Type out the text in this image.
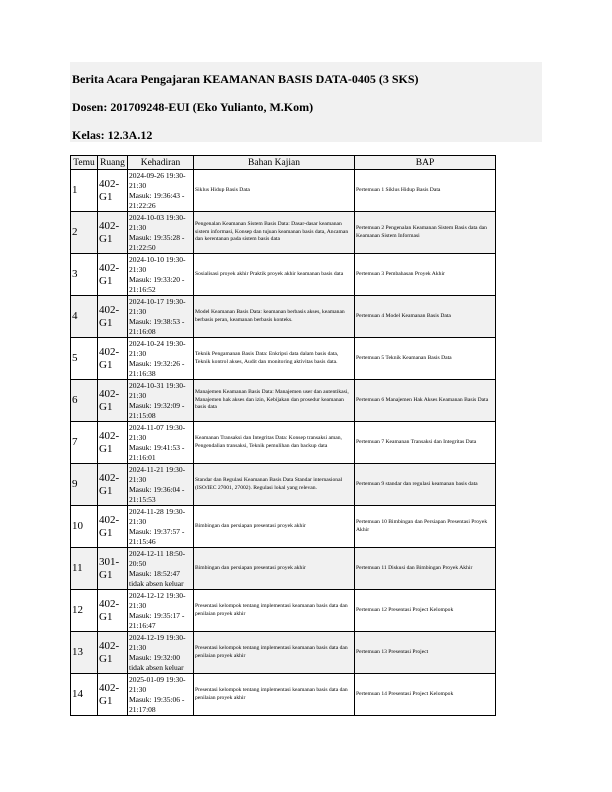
Berita Acara Pengajaran KEAMANAN BASIS DATA-0405 (3 SKS)
Dosen: 201709248-EUI (Eko Yulianto, M.Kom)
Kelas: 12.3A.12
Temu	Ruang	Kehadiran	Bahan Kajian	BAP
1	402-G1	2024-09-26 19:30-21:30
Masuk: 19:36:43 - 21:22:26	Siklus Hidup Basis Data	Pertemuan 1 Siklus Hidup Basis Data
2	402-G1	2024-10-03 19:30-21:30
Masuk: 19:35:28 - 21:22:50	Pengenalan Keamanan Sistem Basis Data: Dasar-dasar keamanan sistem informasi, Konsep dan tujuan keamanan basis data, Ancaman dan kerentanan pada sistem basis data	Pertemuan 2 Pengenalan Keamanan Sistem Basis data dan Keamanan Sistem Informasi
3	402-G1	2024-10-10 19:30-21:30
Masuk: 19:33:20 - 21:16:52	Sosialisasi proyek akhir Praktik proyek akhir keamanan basis data	Pertemuan 3 Pembahasan Proyek Akhir
4	402-G1	2024-10-17 19:30-21:30
Masuk: 19:38:53 - 21:16:08	Model Keamanan Basis Data: keamanan berbasis akses, keamanan berbasis peran, keamanan berbasis konteks.	Pertemuan 4 Model Keamanan Basis Data
5	402-G1	2024-10-24 19:30-21:30
Masuk: 19:32:26 - 21:16:38	Teknik Pengamanan Basis Data: Enkripsi data dalam basis data, Teknik kontrol akses, Audit dan monitoring aktivitas basis data.	Pertemuan 5 Teknik Keamanan Basis Data
6	402-G1	2024-10-31 19:30-21:30
Masuk: 19:32:09 - 21:15:08	Manajemen Keamanan Basis Data: Manajemen user dan autentikasi, Manajemen hak akses dan izin, Kebijakan dan prosedur keamanan basis data	Pertemuan 6 Manajemen Hak Akses Keamanan Basis Data
7	402-G1	2024-11-07 19:30-21:30
Masuk: 19:41:53 - 21:16:01	Keamanan Transaksi dan Integritas Data: Konsep transaksi aman, Pengendalian transaksi, Teknik pemulihan dan backup data	Pertemuan 7 Keamanan Transaksi dan Integritas Data
9	402-G1	2024-11-21 19:30-21:30
Masuk: 19:36:04 - 21:15:53	Standar dan Regulasi Keamanan Basis Data Standar internasional (ISO/IEC 27001, 27002). Regulasi lokal yang relevan.	Pertemuan 9 standar dan regulasi keamanan basis data
10	402-G1	2024-11-28 19:30-21:30
Masuk: 19:37:57 - 21:15:46	Bimbingan dan persiapan presentasi proyek akhir	Pertemuan 10 Bimbingan dan Persiapan Presentasi Proyek Akhir
11	301-G1	2024-12-11 18:50-20:50
Masuk: 18:52:47 tidak absen keluar	Bimbingan dan persiapan presentasi proyek akhir	Pertemuan 11 Diskusi dan Bimbingan Proyek Akhir
12	402-G1	2024-12-12 19:30-21:30
Masuk: 19:35:17 - 21:16:47	Presentasi kelompok tentang implementasi keamanan basis data dan penilaian proyek akhir	Pertemuan 12 Presentasi Project Kelompok
13	402-G1	2024-12-19 19:30-21:30
Masuk: 19:32:00 tidak absen keluar	Presentasi kelompok tentang implementasi keamanan basis data dan penilaian proyek akhir	Pertemuan 13 Presentasi Project
14	402-G1	2025-01-09 19:30-21:30
Masuk: 19:35:06 - 21:17:08	Presentasi kelompok tentang implementasi keamanan basis data dan penilaian proyek akhir	Pertemuan 14 Presentasi Project Kelompok
